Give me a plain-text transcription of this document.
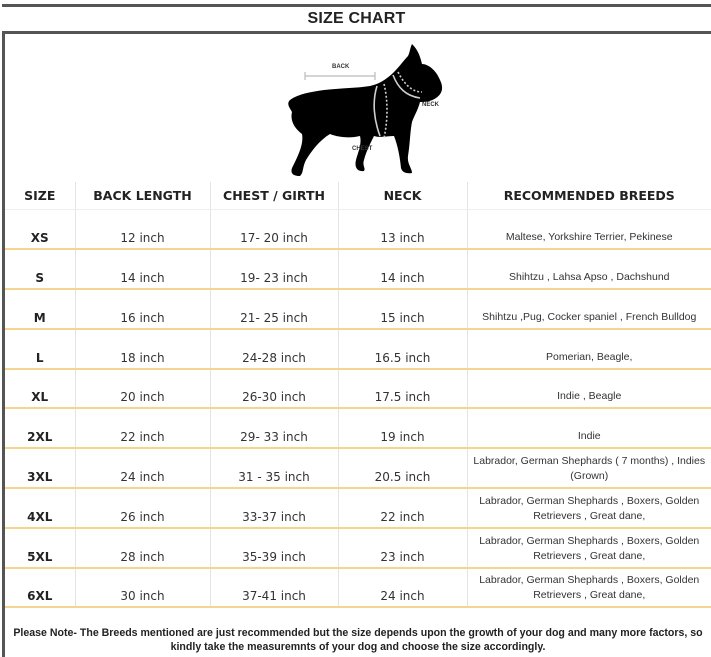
SIZE CHART
BACK
NECK
CHEST
SIZE	BACK LENGTH	CHEST / GIRTH	NECK	RECOMMENDED BREEDS
XS	12 inch	17- 20 inch	13 inch	Maltese, Yorkshire Terrier, Pekinese
S	14 inch	19- 23 inch	14 inch	Shihtzu , Lahsa Apso , Dachshund
M	16 inch	21- 25 inch	15 inch	Shihtzu ,Pug, Cocker spaniel , French Bulldog
L	18 inch	24-28 inch	16.5 inch	Pomerian, Beagle,
XL	20 inch	26-30 inch	17.5 inch	Indie , Beagle
2XL	22 inch	29- 33 inch	19 inch	Indie
3XL	24 inch	31 - 35 inch	20.5 inch	Labrador, German Shephards ( 7 months) , Indies (Grown)
4XL	26 inch	33-37 inch	22 inch	Labrador, German Shephards , Boxers, Golden Retrievers , Great dane,
5XL	28 inch	35-39 inch	23 inch	Labrador, German Shephards , Boxers, Golden Retrievers , Great dane,
6XL	30 inch	37-41 inch	24 inch	Labrador, German Shephards , Boxers, Golden Retrievers , Great dane,
Please Note- The Breeds mentioned are just recommended but the size depends upon the growth of your dog and many more factors, so kindly take the measuremnts of your dog and choose the size accordingly.
